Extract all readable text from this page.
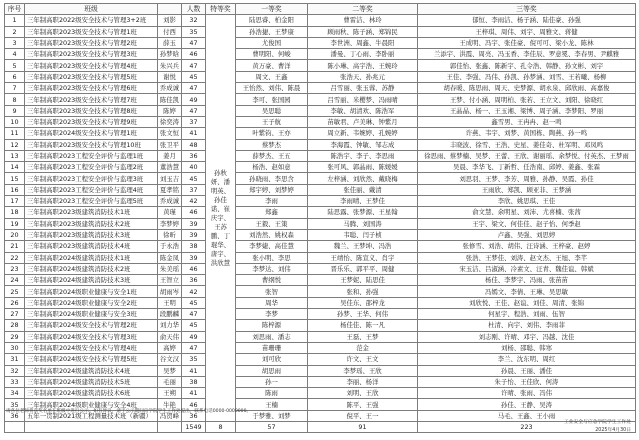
序号	班级		人数	特等奖	一等奖	二等奖	三等奖
1	三年制高职2022级安全技术与管理3+2班	刘影	32	孙秋妍、潘明英、孙佳诺、崔庆宇、王苏鹏、丁琨华、唐宇、洪欣慧	陆思睿、柏金阳	曹雷洁、林玲	郁恒、李雨洁、杨子涵、陆佳豪、孙强
2	三年制高职2023级安全技术与管理1班	付西	35		孙浩捷、王梦康	顾雨秋、陈子涵、郑锦民	王梓琪、周伟、刘宇、周雅文、蒋健
3	三年制高职2023级安全技术与管理2班	薛玉	47		尤俊国	李世洲、周鑫、牛晨阳	王成明、冯宇、张佳豪、倪可可、梁小龙、陈林
4	三年制高职2023级安全技术与管理3班	孙梦晗	46		曹明阳、何峻	潘曼、丁心雨、李卧丽	兰添宇、洪霞、周亮、冯玉香、李佳辰、罗意冕、李春男、尹麒雅
5	三年制高职2023级安全技术与管理4班	朱兴兵	47		黄万豪、曹洋	陈小琳、高宇浩、王婉玲	郭佳怡、张鑫、陈新宇、孔令浩、韩静、孙文彬、刘宇
6	三年制高职2023级安全技术与管理5班	谢悦	45		周文、王鑫	张浩天、孙兆元	王佳、李强、冯伟、孙凯、孙梦涵、刘雪、王若曦、杨柳
7	三年制高职2023级安全技术与管理6班	乔成诚	47		王怡然、刘伟、陈晨	吕雪丽、张玉蓉、苏静	胡春暖、陈思雨、周天、史梦源、胡永泉、邱欣雨、高嘉俊
8	三年制高职2023级安全技术与管理7班	陈佳凯	49		李可、张国园	吕雪丽、米樱梦、冯雨晴	王梦、付小涵、周明柏、张若、王立文、刘阳、徐晓红
9	三年制高职2023级安全技术与管理8班	陈婷	47		吴思聪	李敏、胡清欢、陈浩军	王晶晶、杨一、王玉湘、梁博、周子涵、李梦阳、罗丽
10	三年制高职2023级安全技术与管理9班	徐奕涛	37		王子航	苗敏君、卢美琳、钟紫月	鑫雪男、王冉冉、赵一鸣
11	三年制高职2024级安全技术与管理1班	张文恒	41		叶紫钧、王亦	周立新、韦婉婷、孔婉婷	许燕、韦宇、刘梦、黄国栋、陶燕、孙一鸣
12	三年制高职2023级安全技术与管理10班	张卫平	48		蔡梦杰	李海霞、钟敏、邹志成	丰晓波、徐雪、王浩、史星、姜佳奇、杜军明、邓凤鸣
13	三年制高职2023工程安全评价与监理1班	姜月	36		薛梦杰、王五	陈浩宇、李子、李思雨	徐思雨、蔡梦楠、吴梦、王蕾、王欣、谢丽瑶、余梦悦、付英杰、王梦雨
14	三年制高职2023工程安全评价与监理2班	董浩慧	40		杨浩、赵如意	张可风、郭晶雨、陈媛媛	吴晨、李华飞、丁新哲、任浩南、邱婷、姜鑫、张霖
15	三年制高职2023工程安全评价与监理3班	刘玉吉	45		孙晓雨、李思含	左梓涵、刘欣然、戴晓梅	刘思羽、王梦、李芳、周雅、孙静、吴霞、孙佳
16	三年制高职2023工程安全评价与监理4班	夏孝铭	37		郑宇婷、刘梦婷	张佳丽、戴清	王雨欣、郑凯、顾亚非、王梦涵
17	三年制高职2023工程安全评价与监理5班	乔成诚	42		李雨	李雨晴、王梦佳	李欣、姚思琪、王佳
18	三年制高职2023级建筑消防技术1班	黄瑾	46		郑鑫	陆思露、张梦源、王星翰	俞文慧、余明星、刘沛、尤喜楠、张茜
19	三年制高职2023级建筑消防技术2班	李梦婷	39		王毅、王策	马腾、刘国涛	王宇、梁文、何佳佳、赵子怡、何季赵
20	三年制高职2023级建筑消防技术3班	徐昕	39		刘浩然、姚权森	韦聪、闫子桢	卢鑫、吴强、刘思婷
21	三年制高职2023级建筑消防技术4班	于永浩	38		李梦婕、高佳慧	魏兰、王梦坤、冯浩	张修雪、刘浩、胡伟、汪诗涵、王梓豪、赵婷
22	三年制高职2024级建筑消防技术1班	陈金凤	39		张小明、李思	王靖怡、陈宣义、肖宇	张浩、王梦佳、刘涛、赵文杰、王旭、李芊
23	三年制高职2024级建筑消防技术2班	朱美瑶	46		李梦达、刘伟	晋乐乐、郭平平、周健	宋玉洁、吕淑涵、冷素文、汪青、魏佳谊、韩斌
24	三年制高职2024级建筑消防技术3班	王智立	36		曹纲悦	王梦妮、陆思佳	杨佳、李梦宇、冯雨、张苗苗
25	三年制高职2024级职业健康与安全1班	胡雨岑	42		张智	张和、孙强	冯嫣文、李倩、王琳、吴思敏
26	三年制高职2024级职业健康与安全2班	王明	45		周华	吴佳东、邵梓龙	刘欣悦、王佳、赵谊、刘佳、周清、张锦
27	三年制高职2024级职业健康与安全3班	段鹏麟	47		李梦	孙梦、王华、何伟	何星宇、程浩、刘雨、伍智
28	三年制高职2024级安全技术与管理2班	刘力华	45		陈梓源	杨佳佳、陈一凡	杜清、向宇、刘伟、李雨菲
29	三年制高职2024级安全技术与管理3班	俞天伟	49		刘思雨、潘志	王磊、王梦	刘志刚、许晴、邓宇、冯越、沈佳
30	三年制高职2024级安全技术与管理4班	高婷	47		苗珊珊	范金	刘杨、邵聪、韩寒
31	三年制高职2024级安全技术与管理5班	谷文汉	35		刘可欣	许文、王文	李兰、沈东明、周红
32	三年制高职2024级建筑消防技术4班	吴梦	41		胡思雨	李梦瑶、王欣	孙晨、王丽、潘佳
33	三年制高职2024级建筑消防技术5班	毛丽	38		孙一	李丽、杨洋	朱子怡、王佳欣、何涛
34	三年制高职2024级建筑消防技术6班	王朔	41		陈雨	刘明、王欣	许晴、张雨、冯伟
35	三年制高职2024级职业健康与安全4班	牛艳	46		王楠	陈平、王强	孙佳、王静、吴涛
36	五年一贯制2021级工程测量技术班（新疆）	冯贺峰	36		于梦雅、刘梦	倪平、王一	马毛、王鑫、王小雨
			1549	8	57	91	223
请各位老师将获奖名单在班级中进行公示。如有异议，请于公示期间向学院学生工作处提出，联系电话0000-0000000。
工业安全与应急学院学生工作处
2025年4月30日
